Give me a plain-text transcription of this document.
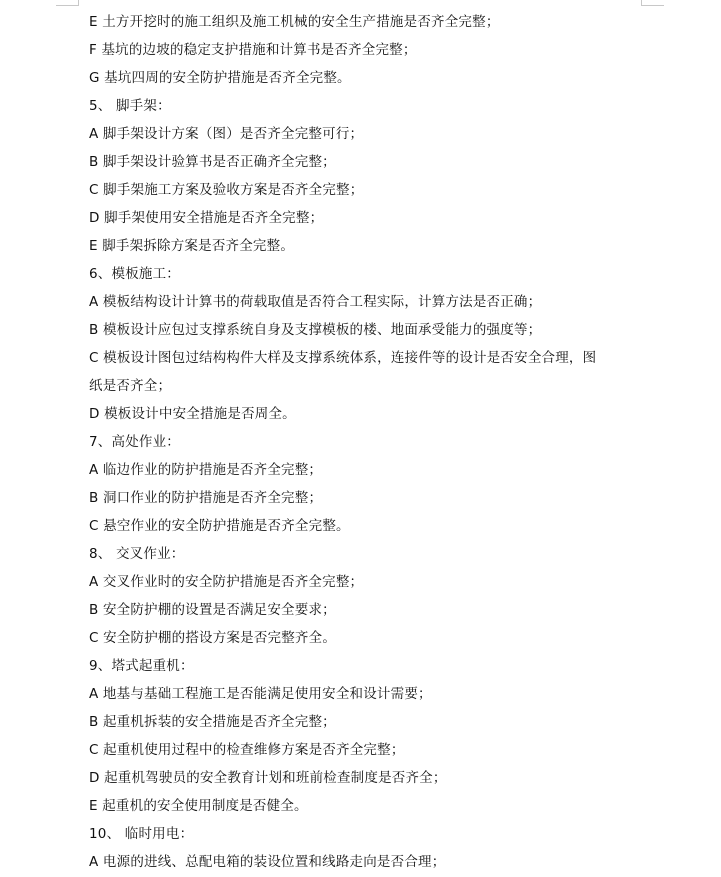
E 土方开挖时的施工组织及施工机械的安全生产措施是否齐全完整；
F 基坑的边坡的稳定支护措施和计算书是否齐全完整；
G 基坑四周的安全防护措施是否齐全完整。
5、 脚手架：
A 脚手架设计方案（图）是否齐全完整可行；
B 脚手架设计验算书是否正确齐全完整；
C 脚手架施工方案及验收方案是否齐全完整；
D 脚手架使用安全措施是否齐全完整；
E 脚手架拆除方案是否齐全完整。
6、模板施工：
A 模板结构设计计算书的荷载取值是否符合工程实际，计算方法是否正确；
B 模板设计应包过支撑系统自身及支撑模板的楼、地面承受能力的强度等；
C 模板设计图包过结构构件大样及支撑系统体系，连接件等的设计是否安全合理，图
纸是否齐全；
D 模板设计中安全措施是否周全。
7、高处作业：
A 临边作业的防护措施是否齐全完整；
B 洞口作业的防护措施是否齐全完整；
C 悬空作业的安全防护措施是否齐全完整。
8、 交叉作业：
A 交叉作业时的安全防护措施是否齐全完整；
B 安全防护棚的设置是否满足安全要求；
C 安全防护棚的搭设方案是否完整齐全。
9、塔式起重机：
A 地基与基础工程施工是否能满足使用安全和设计需要；
B 起重机拆装的安全措施是否齐全完整；
C 起重机使用过程中的检查维修方案是否齐全完整；
D 起重机驾驶员的安全教育计划和班前检查制度是否齐全；
E 起重机的安全使用制度是否健全。
10、 临时用电：
A 电源的进线、总配电箱的装设位置和线路走向是否合理；
